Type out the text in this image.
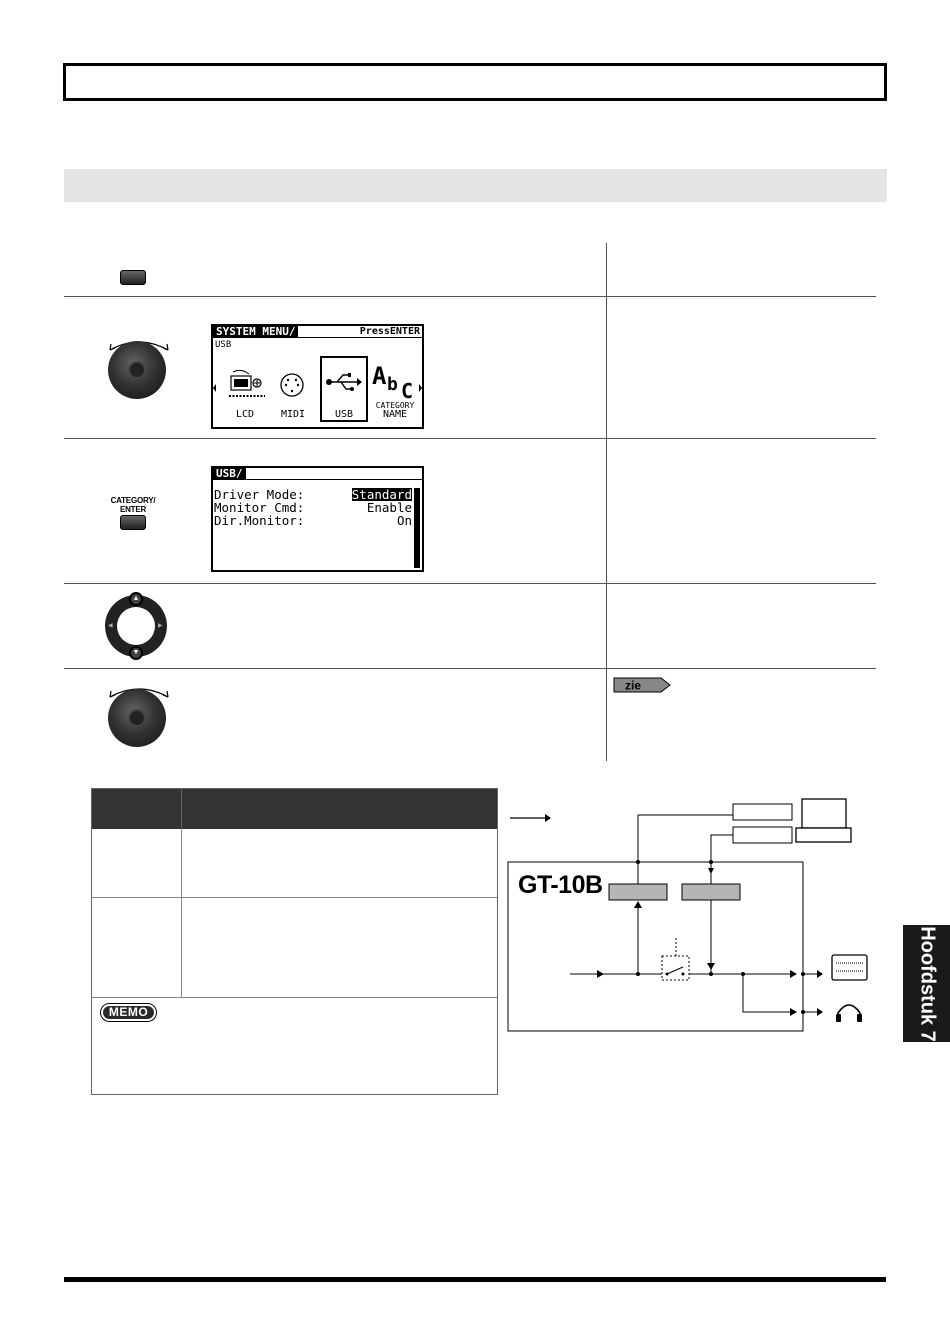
SYSTEM MENU/	PressENTER
USB
LCD	MIDI	USB
A b C
CATEGORY
NAME
CATEGORY/
ENTER
USB/
Driver Mode:	Standard
Monitor Cmd:	Enable
Dir.Monitor:	On
▲
▼
◀	▶
zie
MEMO
GT-10B
Hoofdstuk 7
